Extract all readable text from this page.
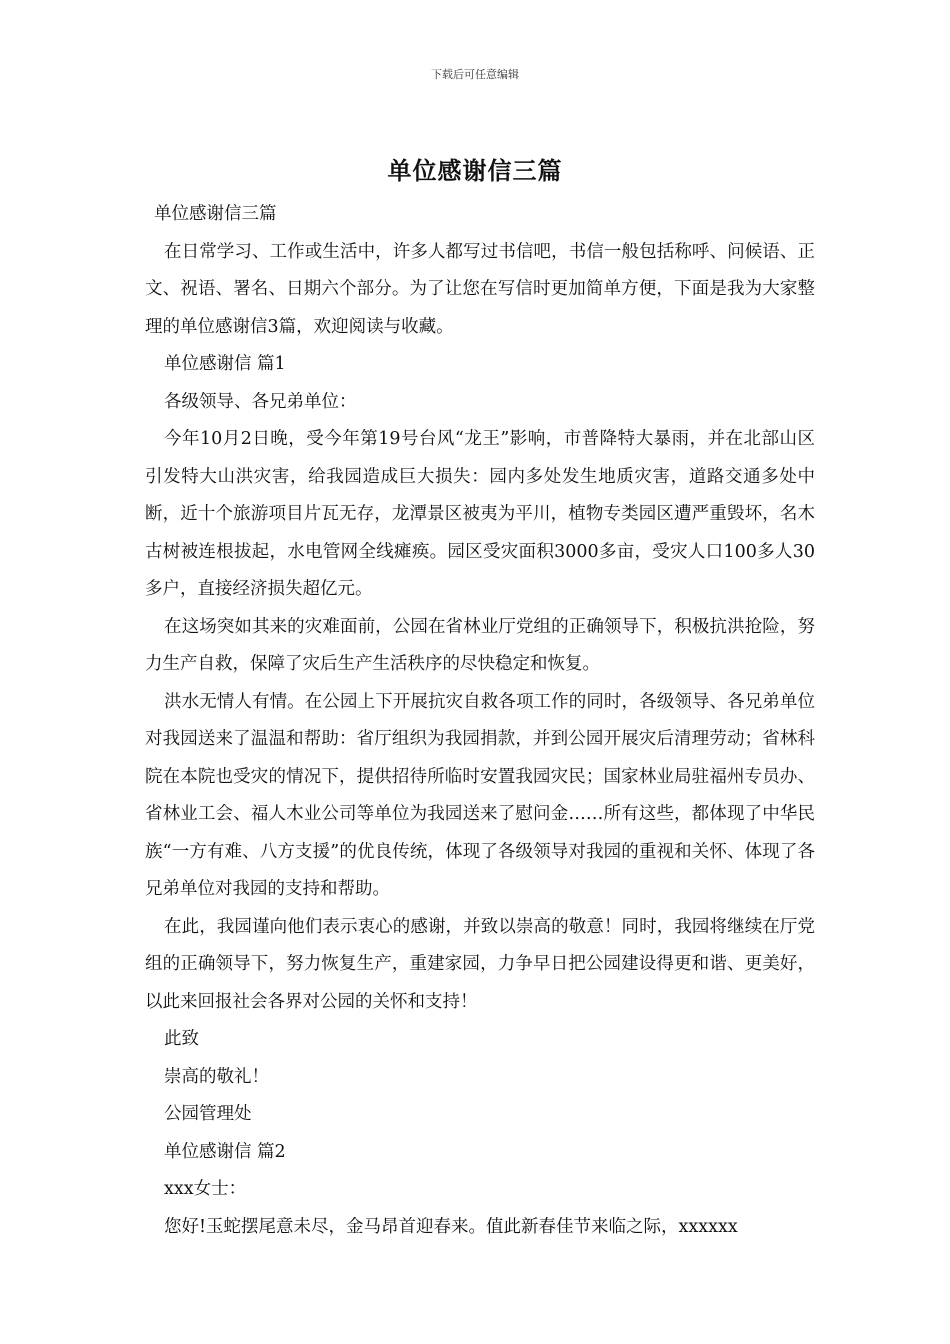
下载后可任意编辑
单位感谢信三篇

单位感谢信三篇

在日常学习、工作或生活中，许多人都写过书信吧，书信一般包括称呼、问候语、正文、祝语、署名、日期六个部分。为了让您在写信时更加简单方便，下面是我为大家整理的单位感谢信3篇，欢迎阅读与收藏。

单位感谢信 篇1

各级领导、各兄弟单位：

今年10月2日晚，受今年第19号台风“龙王”影响，市普降特大暴雨，并在北部山区引发特大山洪灾害，给我园造成巨大损失：园内多处发生地质灾害，道路交通多处中断，近十个旅游项目片瓦无存，龙潭景区被夷为平川，植物专类园区遭严重毁坏，名木古树被连根拔起，水电管网全线瘫痪。园区受灾面积3000多亩，受灾人口100多人30多户，直接经济损失超亿元。

在这场突如其来的灾难面前，公园在省林业厅党组的正确领导下，积极抗洪抢险，努力生产自救，保障了灾后生产生活秩序的尽快稳定和恢复。

洪水无情人有情。在公园上下开展抗灾自救各项工作的同时，各级领导、各兄弟单位对我园送来了温温和帮助：省厅组织为我园捐款，并到公园开展灾后清理劳动；省林科院在本院也受灾的情况下，提供招待所临时安置我园灾民；国家林业局驻福州专员办、省林业工会、福人木业公司等单位为我园送来了慰问金……所有这些，都体现了中华民族“一方有难、八方支援”的优良传统，体现了各级领导对我园的重视和关怀、体现了各兄弟单位对我园的支持和帮助。

在此，我园谨向他们表示衷心的感谢，并致以崇高的敬意！同时，我园将继续在厅党组的正确领导下，努力恢复生产，重建家园，力争早日把公园建设得更和谐、更美好，以此来回报社会各界对公园的关怀和支持！

此致

崇高的敬礼！

公园管理处

单位感谢信 篇2

xxx女士：

您好!玉蛇摆尾意未尽，金马昂首迎春来。值此新春佳节来临之际，xxxxxx
